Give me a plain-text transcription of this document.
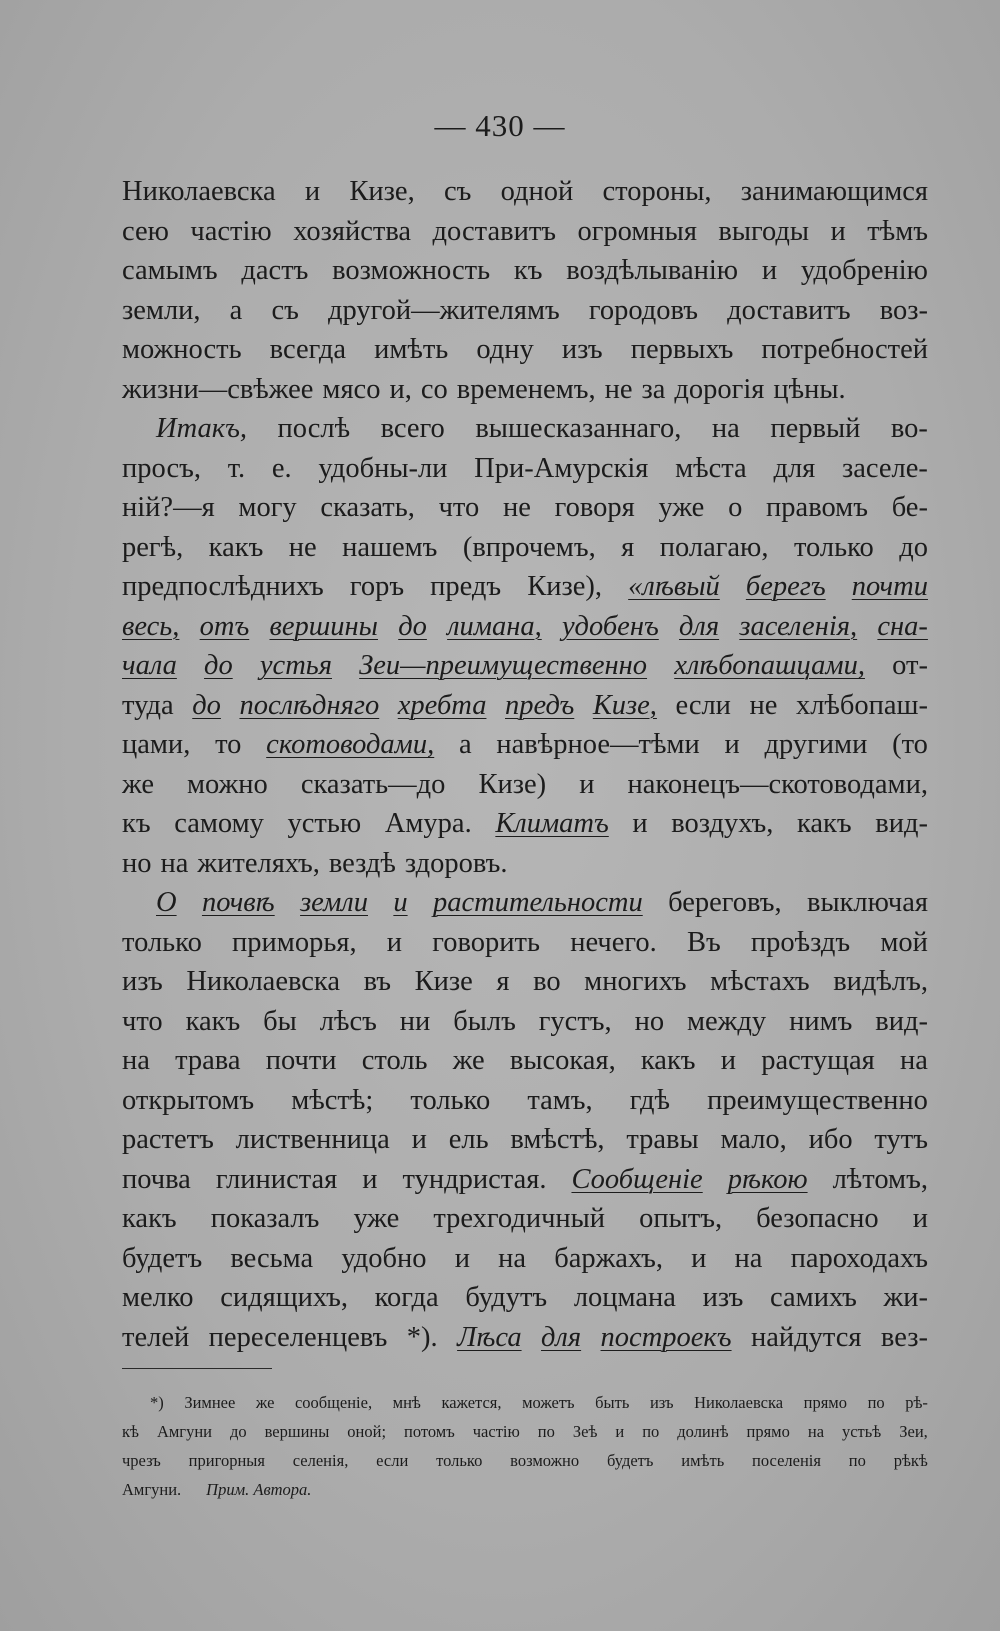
— 430 —
Николаевска и Кизе, съ одной стороны, занимающимся
сею частію хозяйства доставитъ огромныя выгоды и тѣмъ
самымъ дастъ возможность къ воздѣлыванію и удобренію
земли, а съ другой—жителямъ городовъ доставитъ воз-
можность всегда имѣть одну изъ первыхъ потребностей
жизни—свѣжее мясо и, со временемъ, не за дорогія цѣны.
Итакъ, послѣ всего вышесказаннаго, на первый во-
просъ, т. е. удобны-ли При-Амурскія мѣста для заселе-
ній?—я могу сказать, что не говоря уже о правомъ бе-
регѣ, какъ не нашемъ (впрочемъ, я полагаю, только до
предпослѣднихъ горъ предъ Кизе), «лѣвый берегъ почти
весь, отъ вершины до лимана, удобенъ для заселенія, сна-
чала до устья Зеи—преимущественно хлѣбопашцами, от-
туда до послѣдняго хребта предъ Кизе, если не хлѣбопаш-
цами, то скотоводами, а навѣрное—тѣми и другими (то
же можно сказать—до Кизе) и наконецъ—скотоводами,
къ самому устью Амура. Климатъ и воздухъ, какъ вид-
но на жителяхъ, вездѣ здоровъ.
О почвѣ земли и растительности береговъ, выключая
только приморья, и говорить нечего. Въ проѣздъ мой
изъ Николаевска въ Кизе я во многихъ мѣстахъ видѣлъ,
что какъ бы лѣсъ ни былъ густъ, но между нимъ вид-
на трава почти столь же высокая, какъ и растущая на
открытомъ мѣстѣ; только тамъ, гдѣ преимущественно
растетъ лиственница и ель вмѣстѣ, травы мало, ибо тутъ
почва глинистая и тундристая. Сообщеніе рѣкою лѣтомъ,
какъ показалъ уже трехгодичный опытъ, безопасно и
будетъ весьма удобно и на баржахъ, и на пароходахъ
мелко сидящихъ, когда будутъ лоцмана изъ самихъ жи-
телей переселенцевъ *). Лѣса для построекъ найдутся вез-
*) Зимнее же сообщеніе, мнѣ кажется, можетъ быть изъ Николаевска прямо по рѣ-
кѣ Амгуни до вершины оной; потомъ частію по Зеѣ и по долинѣ прямо на устьѣ Зеи,
чрезъ пригорныя селенія, если только возможно будетъ имѣть поселенія по рѣкѣ
Амгуни. Прим. Автора.
